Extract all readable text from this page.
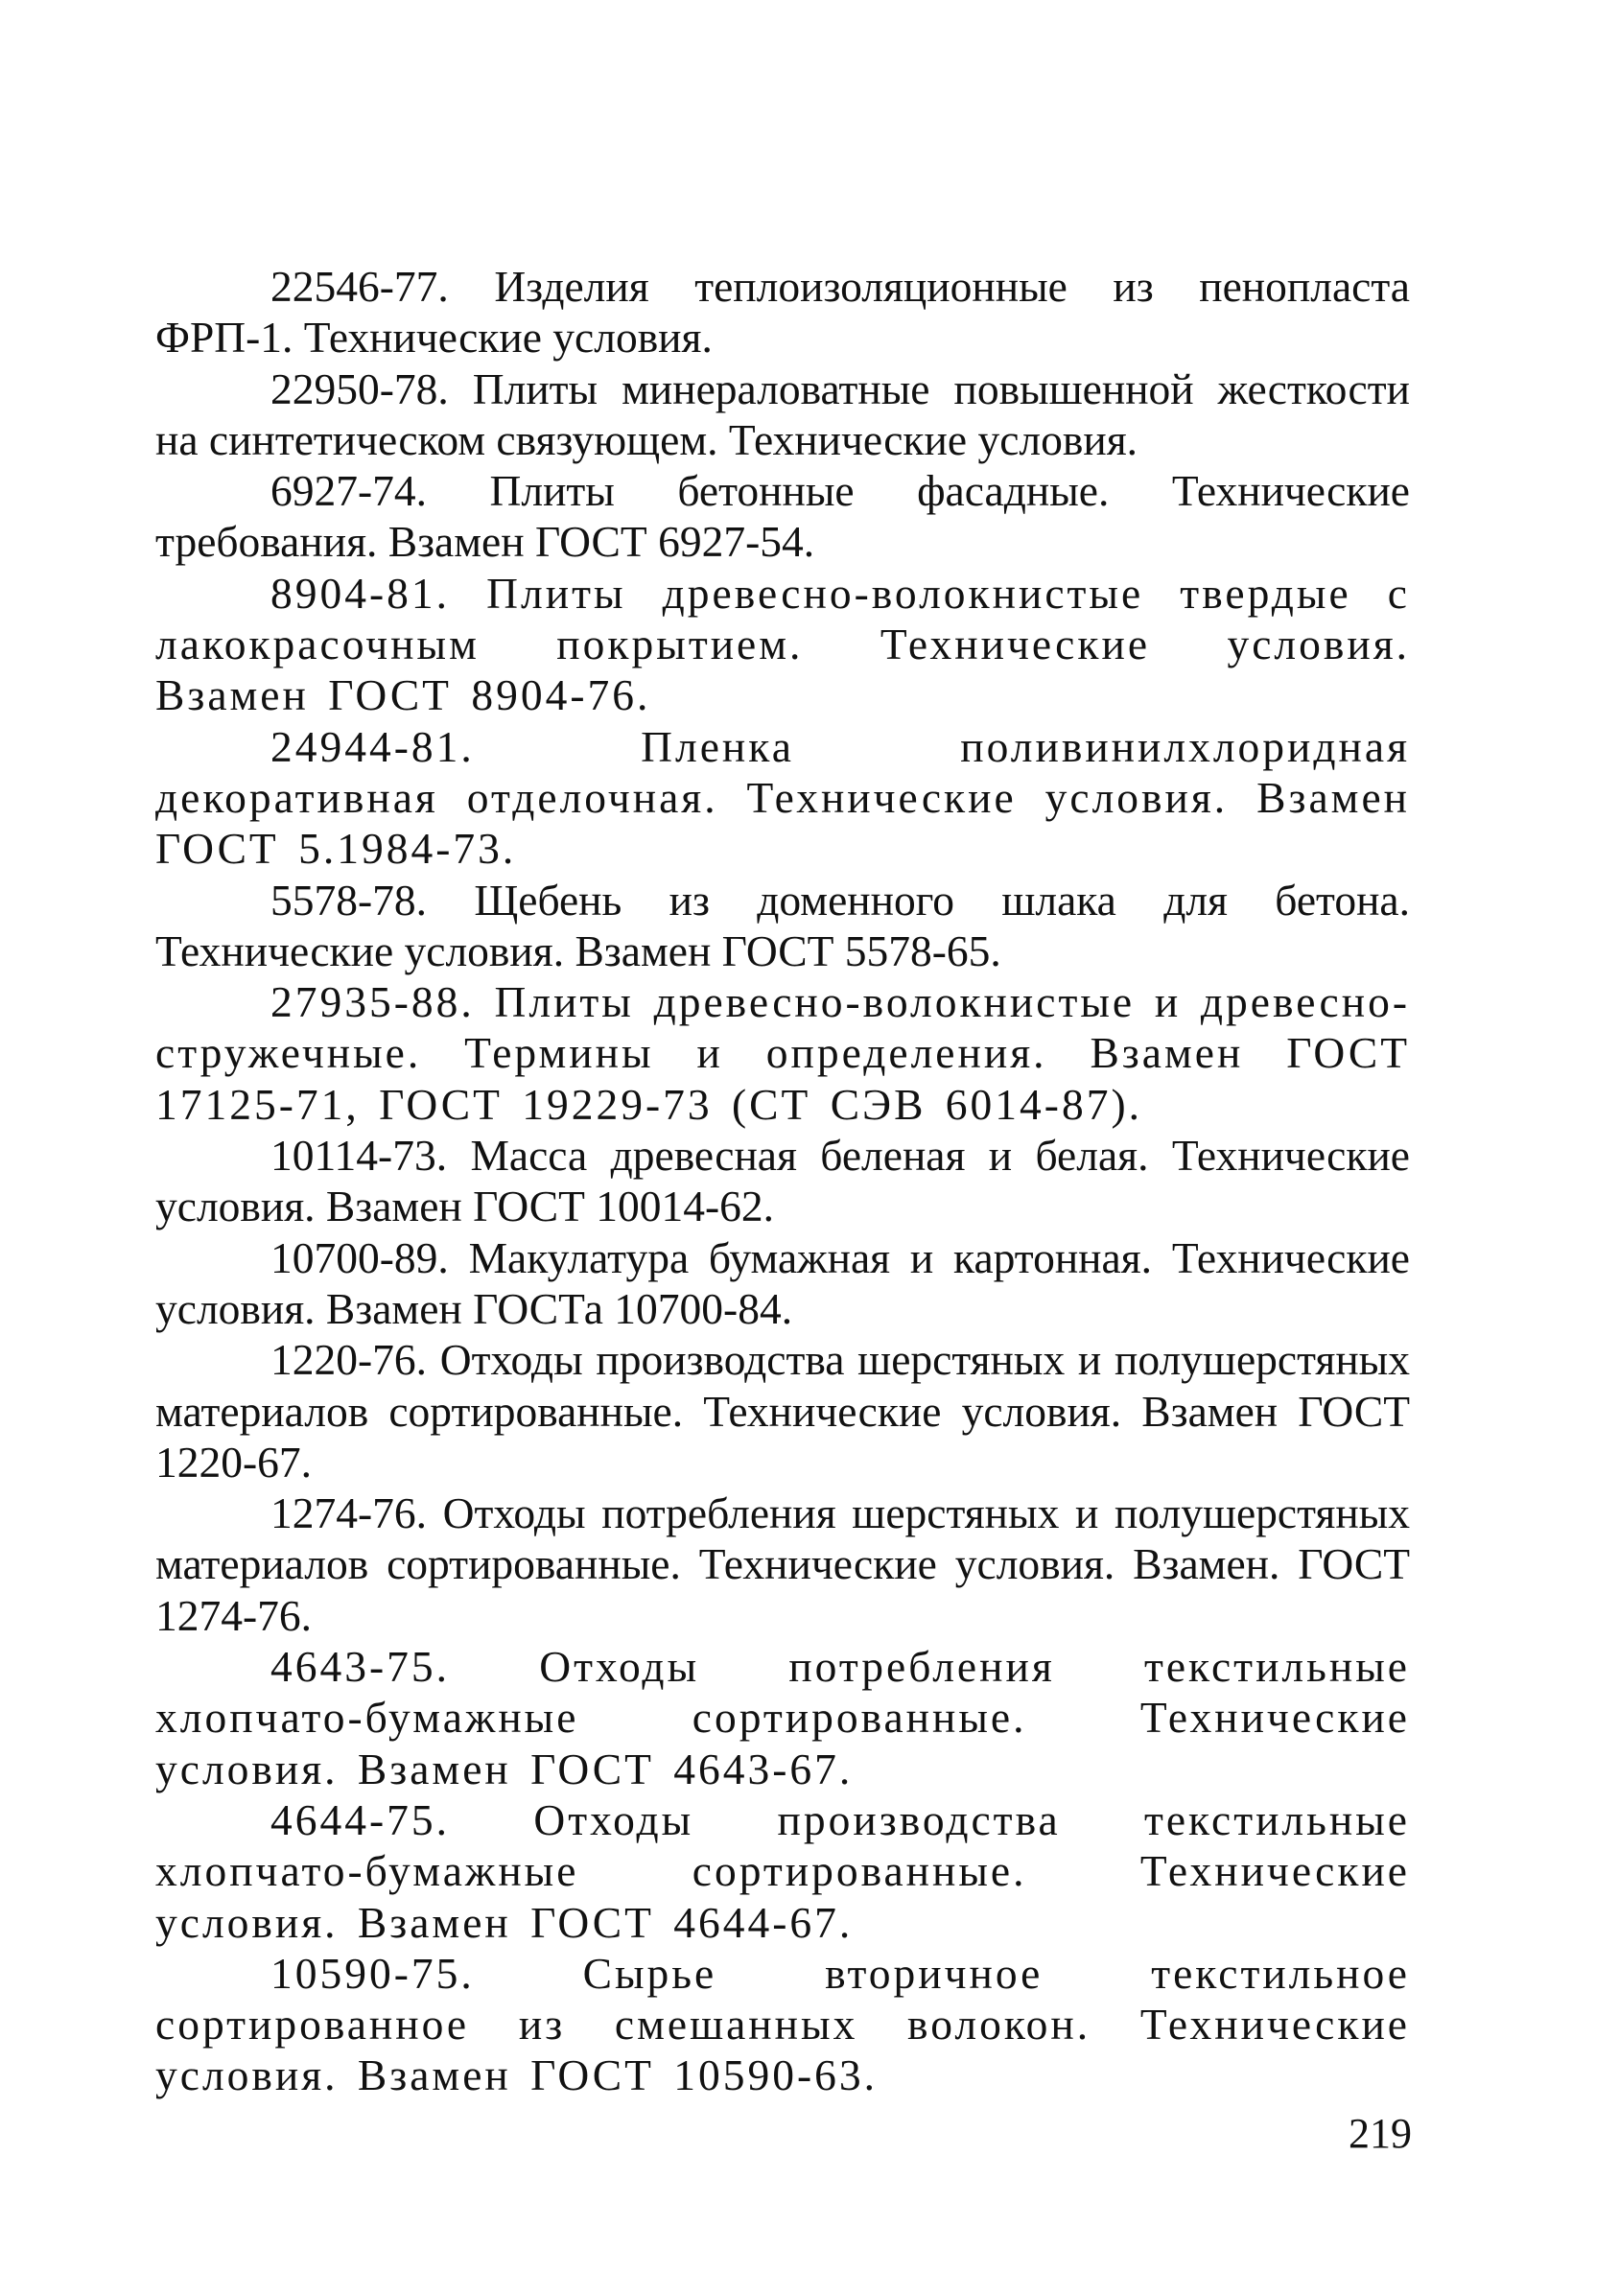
22546-77. Изделия теплоизоляционные из пенопласта ФРП-1. Технические условия.

22950-78. Плиты минераловатные повышенной жесткости на синтетическом связующем. Технические условия.

6927-74. Плиты бетонные фасадные. Технические требования. Взамен ГОСТ 6927-54.

8904-81. Плиты древесно-волокнистые твердые с лакокрасочным покрытием. Технические условия. Взамен ГОСТ 8904-76.

24944-81. Пленка поливинилхлоридная декоративная отделочная. Технические условия. Взамен ГОСТ 5.1984-73.

5578-78. Щебень из доменного шлака для бетона. Технические условия. Взамен ГОСТ 5578-65.

27935-88. Плиты древесно-волокнистые и древесно-стружечные. Термины и определения. Взамен ГОСТ 17125-71, ГОСТ 19229-73 (СТ СЭВ 6014-87).

10114-73. Масса древесная беленая и белая. Технические условия. Взамен ГОСТ 10014-62.

10700-89. Макулатура бумажная и картонная. Технические условия. Взамен ГОСТа 10700-84.

1220-76. Отходы производства шерстяных и полушерстяных материалов сортированные. Технические условия. Взамен ГОСТ 1220-67.

1274-76. Отходы потребления шерстяных и полушерстяных материалов сортированные. Технические условия. Взамен. ГОСТ 1274-76.

4643-75. Отходы потребления текстильные хлопчато-бумажные сортированные. Технические условия. Взамен ГОСТ 4643-67.

4644-75. Отходы производства текстильные хлопчато-бумажные сортированные. Технические условия. Взамен ГОСТ 4644-67.

10590-75. Сырье вторичное текстильное сортированное из смешанных волокон. Технические условия. Взамен ГОСТ 10590-63.

219
